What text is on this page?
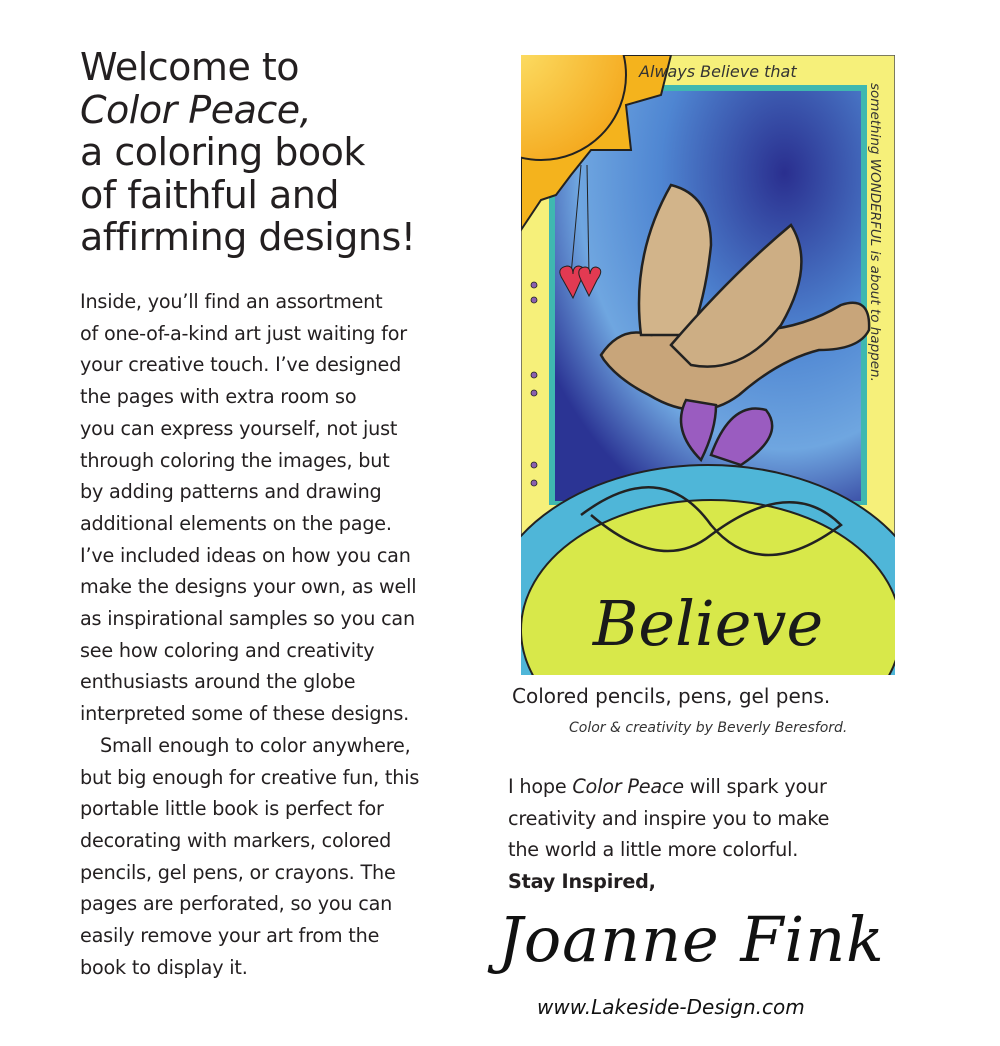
Welcome to
Color Peace,
a coloring book
of faithful and
affirming designs!
Inside, you’ll find an assortment
of one-of-a-kind art just waiting for
your creative touch. I’ve designed
the pages with extra room so
you can express yourself, not just
through coloring the images, but
by adding patterns and drawing
additional elements on the page.
I’ve included ideas on how you can
make the designs your own, as well
as inspirational samples so you can
see how coloring and creativity
enthusiasts around the globe
interpreted some of these designs.
Small enough to color anywhere,
but big enough for creative fun, this
portable little book is perfect for
decorating with markers, colored
pencils, gel pens, or crayons. The
pages are perforated, so you can
easily remove your art from the
book to display it.
Believe
Always Believe that
something WONDERFUL is about to happen.
Colored pencils, pens, gel pens.
Color & creativity by Beverly Beresford.
I hope Color Peace will spark your
creativity and inspire you to make
the world a little more colorful.
Stay Inspired,
Joanne Fink
www.Lakeside-Design.com
